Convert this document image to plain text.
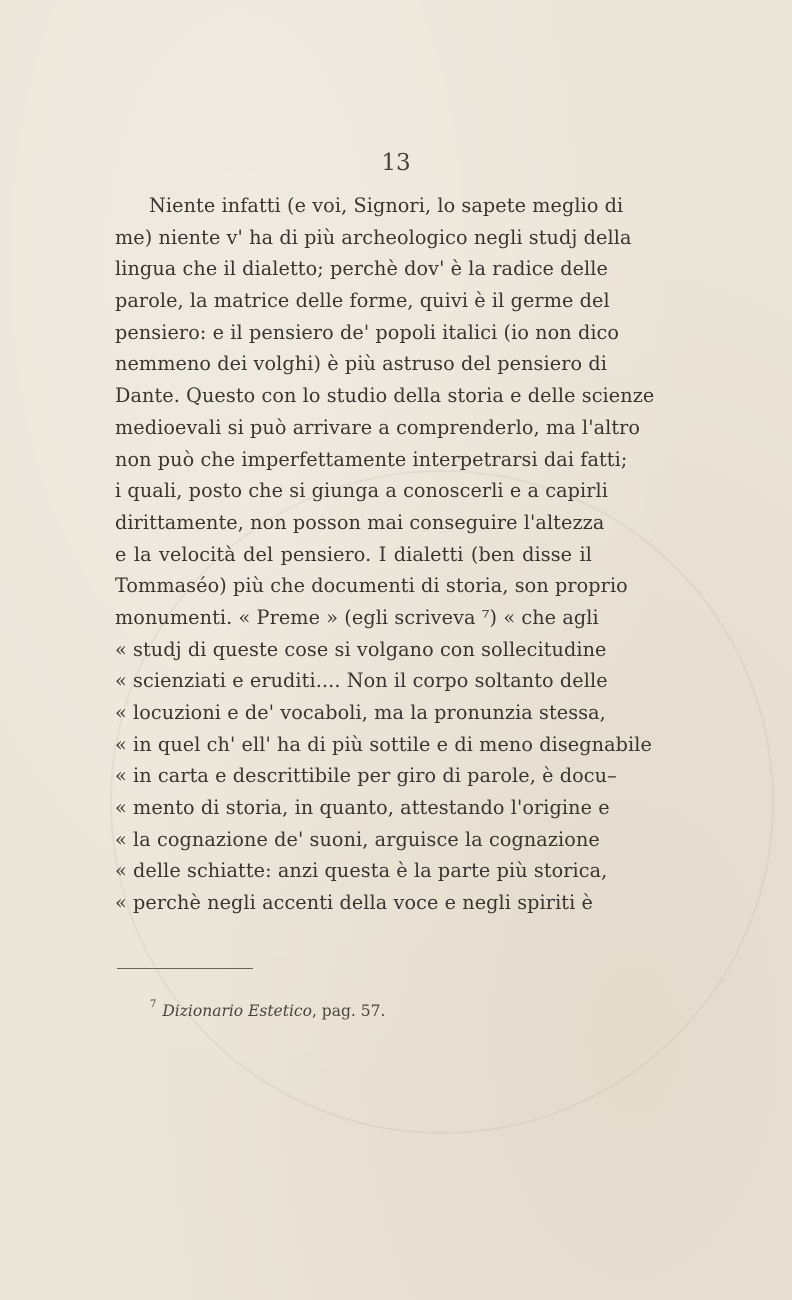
13
Niente infatti (e voi, Signori, lo sapete meglio di
me) niente v' ha di più archeologico negli studj della
lingua che il dialetto; perchè dov' è la radice delle
parole, la matrice delle forme, quivi è il germe del
pensiero: e il pensiero de' popoli italici (io non dico
nemmeno dei volghi) è più astruso del pensiero di
Dante. Questo con lo studio della storia e delle scienze
medioevali si può arrivare a comprenderlo, ma l'altro
non può che imperfettamente interpetrarsi dai fatti;
i quali, posto che si giunga a conoscerli e a capirli
dirittamente, non posson mai conseguire l'altezza
e la velocità del pensiero. I dialetti (ben disse il
Tommaséo) più che documenti di storia, son proprio
monumenti. « Preme » (egli scriveva ⁷) « che agli
« studj di queste cose si volgano con sollecitudine
« scienziati e eruditi.... Non il corpo soltanto delle
« locuzioni e de' vocaboli, ma la pronunzia stessa,
« in quel ch' ell' ha di più sottile e di meno disegnabile
« in carta e descrittibile per giro di parole, è docu–
« mento di storia, in quanto, attestando l'origine e
« la cognazione de' suoni, arguisce la cognazione
« delle schiatte: anzi questa è la parte più storica,
« perchè negli accenti della voce e negli spiriti è
$^7$ Dizionario Estetico, pag. 57.
